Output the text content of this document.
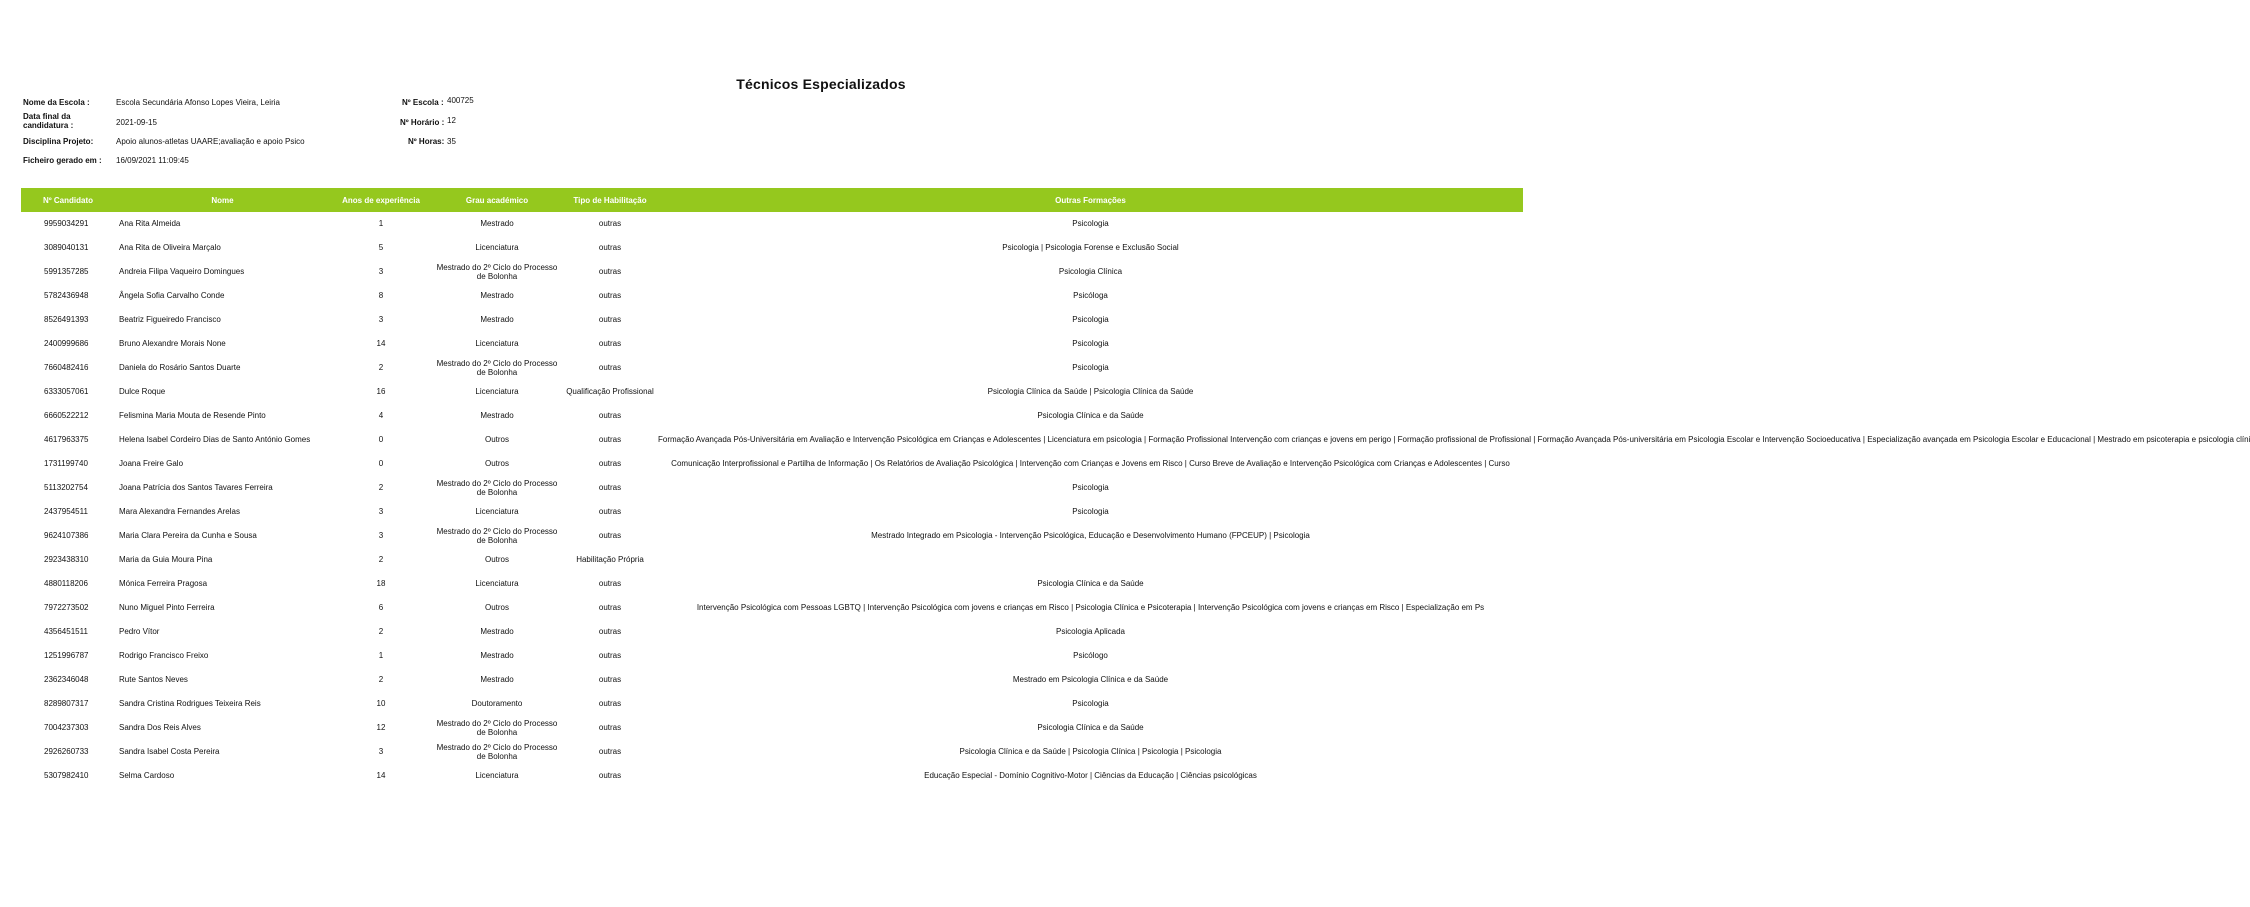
Técnicos Especializados
Nome da Escola :	Escola Secundária Afonso Lopes Vieira, Leiria	Nº Escola : 400725
Data final da candidatura :	2021-09-15	Nº Horário : 12
Disciplina Projeto:	Apoio alunos-atletas UAARE;avaliação e apoio Psico	Nº Horas: 35
Ficheiro gerado em : 16/09/2021 11:09:45
Nº Candidato	Nome	Anos de experiência	Grau académico	Tipo de Habilitação	Outras Formações
9959034291	Ana Rita Almeida	1	Mestrado	outras	Psicologia
3089040131	Ana Rita de Oliveira Marçalo	5	Licenciatura	outras	Psicologia | Psicologia Forense e Exclusão Social
5991357285	Andreia Filipa Vaqueiro Domingues	3	Mestrado do 2º Ciclo do Processo de Bolonha	outras	Psicologia Clínica
5782436948	Ângela Sofia Carvalho Conde	8	Mestrado	outras	Psicóloga
8526491393	Beatriz Figueiredo Francisco	3	Mestrado	outras	Psicologia
2400999686	Bruno Alexandre Morais None	14	Licenciatura	outras	Psicologia
7660482416	Daniela do Rosário Santos Duarte	2	Mestrado do 2º Ciclo do Processo de Bolonha	outras	Psicologia
6333057061	Dulce Roque	16	Licenciatura	Qualificação Profissional	Psicologia Clínica da Saúde | Psicologia Clínica da Saúde
6660522212	Felismina Maria Mouta de Resende Pinto	4	Mestrado	outras	Psicologia Clínica e da Saúde
4617963375	Helena Isabel Cordeiro Dias de Santo António Gomes	0	Outros	outras	Formação Avançada Pós-Universitária em Avaliação e Intervenção Psicológica em Crianças e Adolescentes | Licenciatura em psicologia | Formação Profissional Intervenção com crianças e jovens em perigo | Formação profissional de Profissional | Formação Avançada Pós-universitária em Psicologia Escolar e Intervenção Socioeducativa | Especialização avançada em Psicologia Escolar e Educacional | Mestrado em psicoterapia e psicologia clíni
1731199740	Joana Freire Galo	0	Outros	outras	Comunicação Interprofissional e Partilha de Informação | Os Relatórios de Avaliação Psicológica | Intervenção com Crianças e Jovens em Risco | Curso Breve de Avaliação e Intervenção Psicológica com Crianças e Adolescentes | Curso
5113202754	Joana Patrícia dos Santos Tavares Ferreira	2	Mestrado do 2º Ciclo do Processo de Bolonha	outras	Psicologia
2437954511	Mara Alexandra Fernandes Arelas	3	Licenciatura	outras	Psicologia
9624107386	Maria Clara Pereira da Cunha e Sousa	3	Mestrado do 2º Ciclo do Processo de Bolonha	outras	Mestrado Integrado em Psicologia - Intervenção Psicológica, Educação e Desenvolvimento Humano (FPCEUP) | Psicologia
2923438310	Maria da Guia Moura Pina	2	Outros	Habilitação Própria	
4880118206	Mónica Ferreira Pragosa	18	Licenciatura	outras	Psicologia Clínica e da Saúde
7972273502	Nuno Miguel Pinto Ferreira	6	Outros	outras	Intervenção Psicológica com Pessoas LGBTQ | Intervenção Psicológica com jovens e crianças em Risco | Psicologia Clínica e Psicoterapia | Intervenção Psicológica com jovens e crianças em Risco | Especialização em Ps
4356451511	Pedro Vítor	2	Mestrado	outras	Psicologia Aplicada
1251996787	Rodrigo Francisco Freixo	1	Mestrado	outras	Psicólogo
2362346048	Rute Santos Neves	2	Mestrado	outras	Mestrado em Psicologia Clínica e da Saúde
8289807317	Sandra Cristina Rodrigues Teixeira Reis	10	Doutoramento	outras	Psicologia
7004237303	Sandra Dos Reis Alves	12	Mestrado do 2º Ciclo do Processo de Bolonha	outras	Psicologia Clínica e da Saúde
2926260733	Sandra Isabel Costa Pereira	3	Mestrado do 2º Ciclo do Processo de Bolonha	outras	Psicologia Clínica e da Saúde | Psicologia Clínica | Psicologia | Psicologia
5307982410	Selma Cardoso	14	Licenciatura	outras	Educação Especial - Domínio Cognitivo-Motor | Ciências da Educação | Ciências psicológicas
